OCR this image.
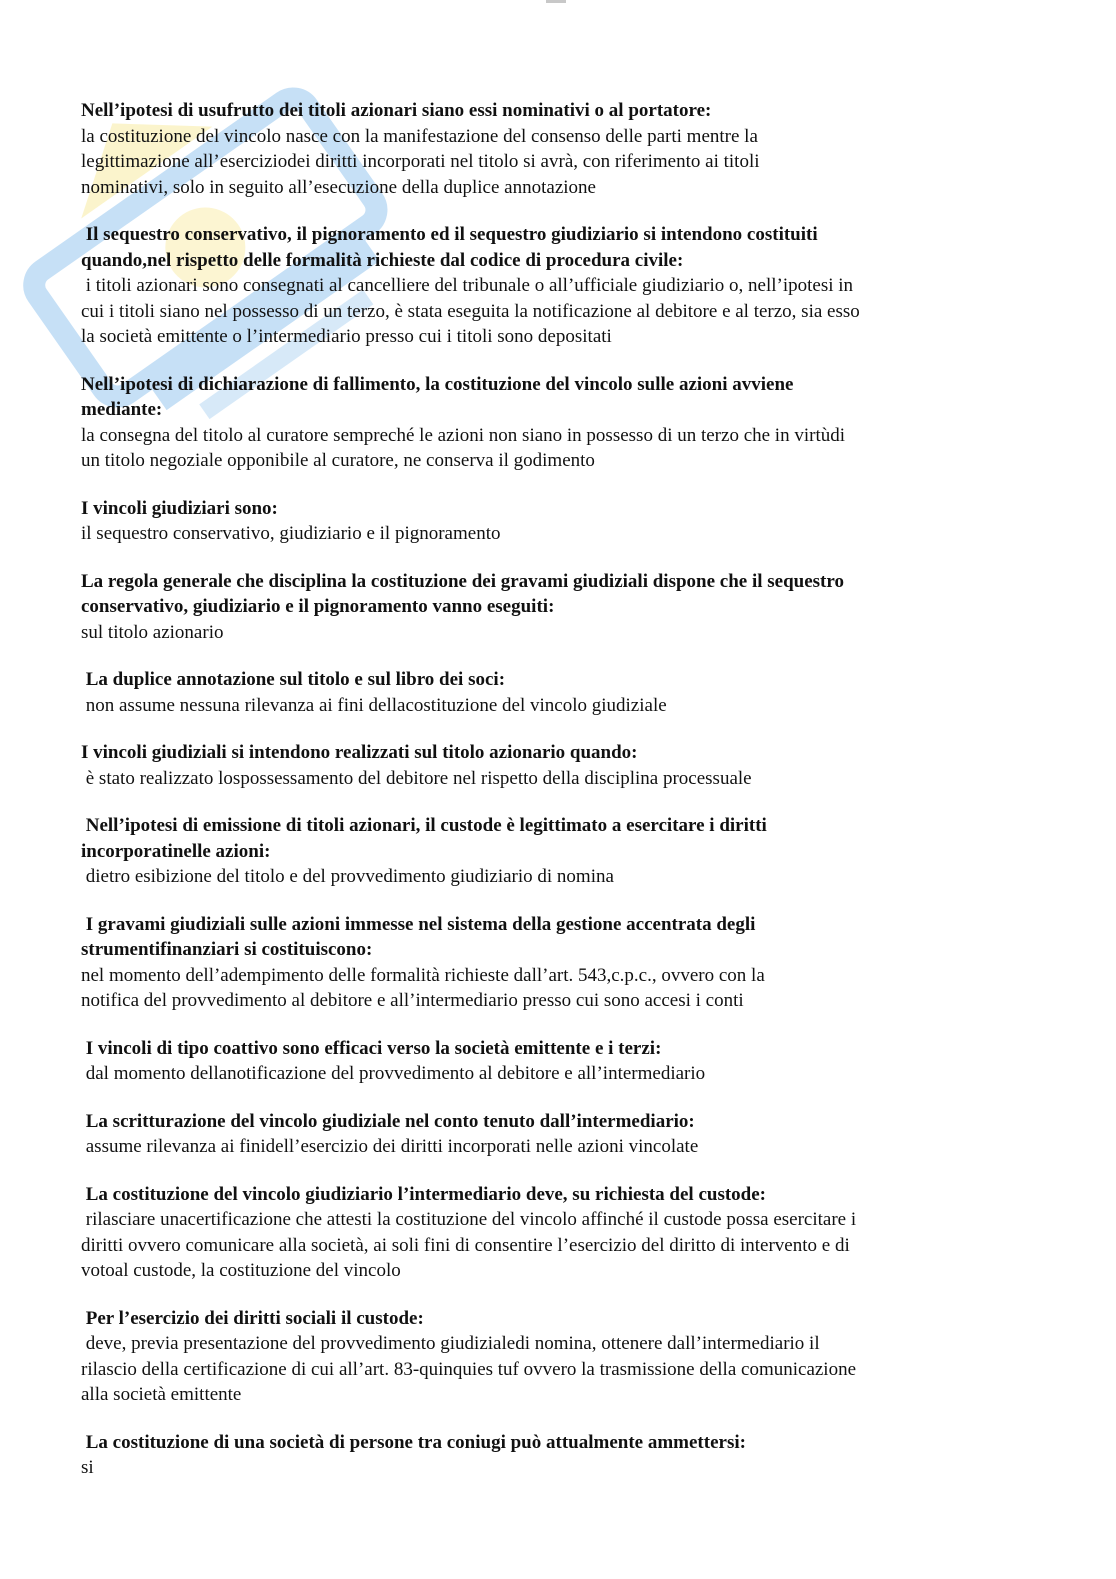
Nell’ipotesi di usufrutto dei titoli azionari siano essi nominativi o al portatore:
la costituzione del vincolo nasce con la manifestazione del consenso delle parti mentre la
legittimazione all’eserciziodei diritti incorporati nel titolo si avrà, con riferimento ai titoli
nominativi, solo in seguito all’esecuzione della duplice annotazione
Il sequestro conservativo, il pignoramento ed il sequestro giudiziario si intendono costituiti
quando,nel rispetto delle formalità richieste dal codice di procedura civile:
i titoli azionari sono consegnati al cancelliere del tribunale o all’ufficiale giudiziario o, nell’ipotesi in
cui i titoli siano nel possesso di un terzo, è stata eseguita la notificazione al debitore e al terzo, sia esso
la società emittente o l’intermediario presso cui i titoli sono depositati
Nell’ipotesi di dichiarazione di fallimento, la costituzione del vincolo sulle azioni avviene
mediante:
la consegna del titolo al curatore sempreché le azioni non siano in possesso di un terzo che in virtùdi
un titolo negoziale opponibile al curatore, ne conserva il godimento
I vincoli giudiziari sono:
il sequestro conservativo, giudiziario e il pignoramento
La regola generale che disciplina la costituzione dei gravami giudiziali dispone che il sequestro
conservativo, giudiziario e il pignoramento vanno eseguiti:
sul titolo azionario
La duplice annotazione sul titolo e sul libro dei soci:
non assume nessuna rilevanza ai fini dellacostituzione del vincolo giudiziale
I vincoli giudiziali si intendono realizzati sul titolo azionario quando:
è stato realizzato lospossessamento del debitore nel rispetto della disciplina processuale
Nell’ipotesi di emissione di titoli azionari, il custode è legittimato a esercitare i diritti
incorporatinelle azioni:
dietro esibizione del titolo e del provvedimento giudiziario di nomina
I gravami giudiziali sulle azioni immesse nel sistema della gestione accentrata degli
strumentifinanziari si costituiscono:
nel momento dell’adempimento delle formalità richieste dall’art. 543,c.p.c., ovvero con la
notifica del provvedimento al debitore e all’intermediario presso cui sono accesi i conti
I vincoli di tipo coattivo sono efficaci verso la società emittente e i terzi:
dal momento dellanotificazione del provvedimento al debitore e all’intermediario
La scritturazione del vincolo giudiziale nel conto tenuto dall’intermediario:
assume rilevanza ai finidell’esercizio dei diritti incorporati nelle azioni vincolate
La costituzione del vincolo giudiziario l’intermediario deve, su richiesta del custode:
rilasciare unacertificazione che attesti la costituzione del vincolo affinché il custode possa esercitare i
diritti ovvero comunicare alla società, ai soli fini di consentire l’esercizio del diritto di intervento e di
votoal custode, la costituzione del vincolo
Per l’esercizio dei diritti sociali il custode:
deve, previa presentazione del provvedimento giudizialedi nomina, ottenere dall’intermediario il
rilascio della certificazione di cui all’art. 83-quinquies tuf ovvero la trasmissione della comunicazione
alla società emittente
La costituzione di una società di persone tra coniugi può attualmente ammettersi:
si
